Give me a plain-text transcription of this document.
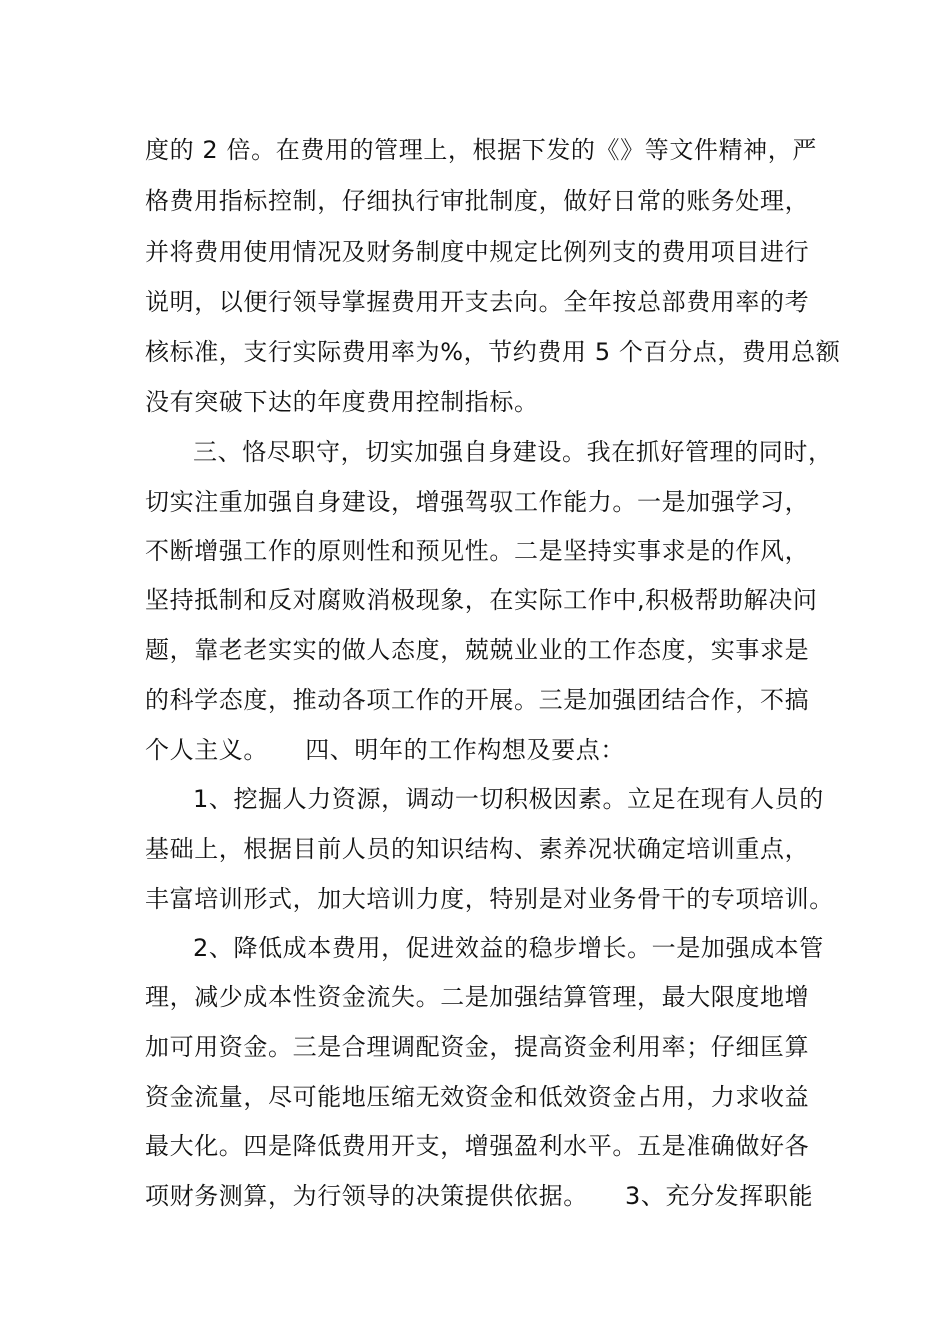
度的 2 倍。在费用的管理上，根据下发的《》等文件精神，严
格费用指标控制，仔细执行审批制度，做好日常的账务处理，
并将费用使用情况及财务制度中规定比例列支的费用项目进行
说明，以便行领导掌握费用开支去向。全年按总部费用率的考
核标准，支行实际费用率为%，节约费用 5 个百分点，费用总额
没有突破下达的年度费用控制指标。
三、恪尽职守，切实加强自身建设。我在抓好管理的同时，
切实注重加强自身建设，增强驾驭工作能力。一是加强学习，
不断增强工作的原则性和预见性。二是坚持实事求是的作风，
坚持抵制和反对腐败消极现象，在实际工作中,积极帮助解决问
题，靠老老实实的做人态度，兢兢业业的工作态度，实事求是
的科学态度，推动各项工作的开展。三是加强团结合作，不搞
个人主义。　　四、明年的工作构想及要点：
1、挖掘人力资源，调动一切积极因素。立足在现有人员的
基础上，根据目前人员的知识结构、素养况状确定培训重点，
丰富培训形式，加大培训力度，特别是对业务骨干的专项培训。
2、降低成本费用，促进效益的稳步增长。一是加强成本管
理，减少成本性资金流失。二是加强结算管理，最大限度地增
加可用资金。三是合理调配资金，提高资金利用率；仔细匡算
资金流量，尽可能地压缩无效资金和低效资金占用，力求收益
最大化。四是降低费用开支，增强盈利水平。五是准确做好各
项财务测算，为行领导的决策提供依据。　　3、充分发挥职能
